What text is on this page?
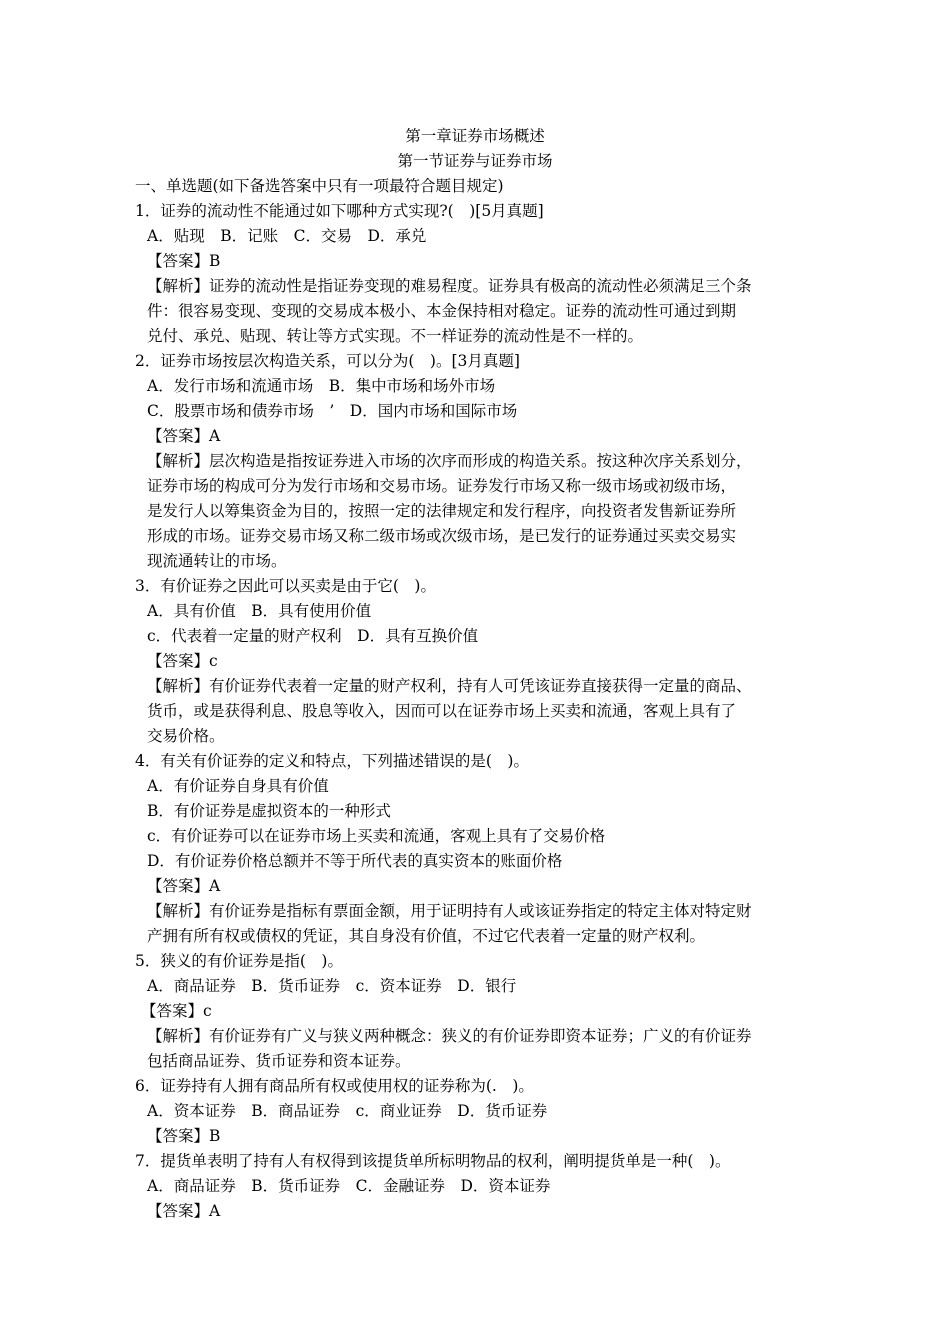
第一章证券市场概述
第一节证券与证券市场
一、单选题(如下备选答案中只有一项最符合题目规定)
1．证券的流动性不能通过如下哪种方式实现?(　)[5月真题]
A．贴现　B．记账　C．交易　D．承兑
【答案】B
【解析】证券的流动性是指证券变现的难易程度。证券具有极高的流动性必须满足三个条
件：很容易变现、变现的交易成本极小、本金保持相对稳定。证券的流动性可通过到期
兑付、承兑、贴现、转让等方式实现。不一样证券的流动性是不一样的。
2．证券市场按层次构造关系，可以分为(　)。[3月真题]
A．发行市场和流通市场　B．集中市场和场外市场
C．股票市场和债券市场　’　D．国内市场和国际市场
【答案】A
【解析】层次构造是指按证券进入市场的次序而形成的构造关系。按这种次序关系划分，
证券市场的构成可分为发行市场和交易市场。证券发行市场又称一级市场或初级市场，
是发行人以筹集资金为目的，按照一定的法律规定和发行程序，向投资者发售新证券所
形成的市场。证券交易市场又称二级市场或次级市场，是已发行的证券通过买卖交易实
现流通转让的市场。
3．有价证券之因此可以买卖是由于它(　)。
A．具有价值　B．具有使用价值
c．代表着一定量的财产权利　D．具有互换价值
【答案】c
【解析】有价证券代表着一定量的财产权利，持有人可凭该证券直接获得一定量的商品、
货币，或是获得利息、股息等收入，因而可以在证券市场上买卖和流通，客观上具有了
交易价格。
4．有关有价证券的定义和特点，下列描述错误的是(　)。
A．有价证券自身具有价值
B．有价证券是虚拟资本的一种形式
c．有价证券可以在证券市场上买卖和流通，客观上具有了交易价格
D．有价证券价格总额并不等于所代表的真实资本的账面价格
【答案】A
【解析】有价证券是指标有票面金额，用于证明持有人或该证券指定的特定主体对特定财
产拥有所有权或债权的凭证，其自身没有价值，不过它代表着一定量的财产权利。
5．狭义的有价证券是指(　)。
A．商品证券　B．货币证券　c．资本证券　D．银行
【答案】c
【解析】有价证券有广义与狭义两种概念：狭义的有价证券即资本证券；广义的有价证券
包括商品证券、货币证券和资本证券。
6．证券持有人拥有商品所有权或使用权的证券称为(.　)。
A．资本证券　B．商品证券　c．商业证券　D．货币证券
【答案】B
7．提货单表明了持有人有权得到该提货单所标明物品的权利，阐明提货单是一种(　)。
A．商品证券　B．货币证券　C．金融证券　D．资本证券
【答案】A
